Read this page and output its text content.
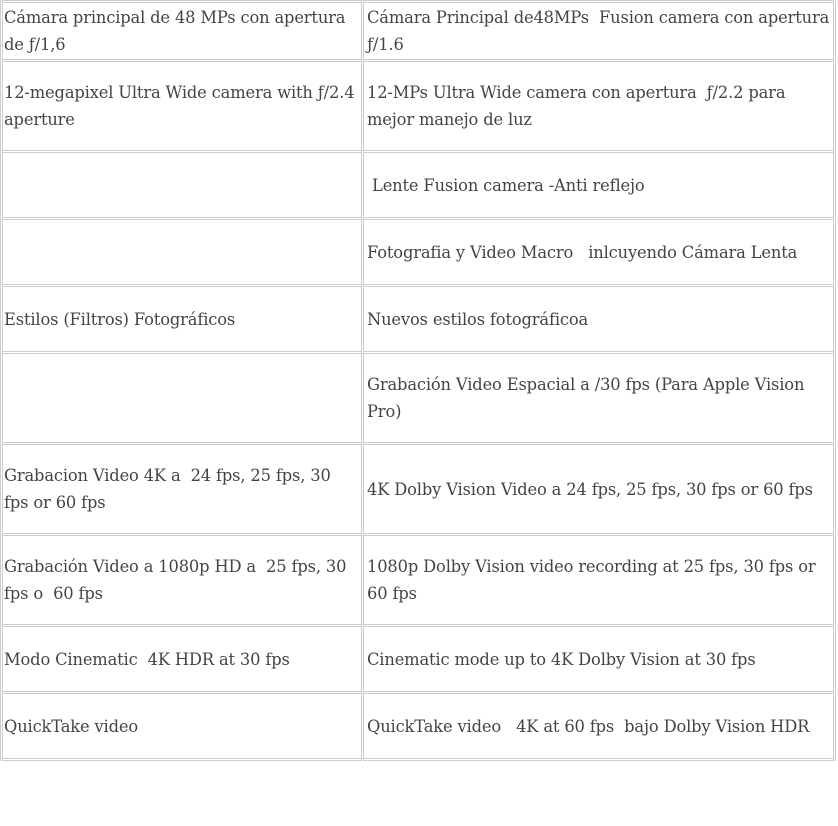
Cámara principal de 48 MPs con apertura de ƒ/1,6	Cámara Principal de48MPs  Fusion camera con apertura ƒ/1.6
12-megapixel Ultra Wide camera with ƒ/2.4 aperture	12-MPs Ultra Wide camera con apertura  ƒ/2.2 para mejor manejo de luz
	Lente Fusion camera -Anti reflejo
	Fotografia y Video Macro   inlcuyendo Cámara Lenta
Estilos (Filtros) Fotográficos	Nuevos estilos fotográficoa
	Grabación Video Espacial a /30 fps (Para Apple Vision Pro)
Grabacion Video 4K a  24 fps, 25 fps, 30 fps or 60 fps	4K Dolby Vision Video a 24 fps, 25 fps, 30 fps or 60 fps
Grabación Video a 1080p HD a  25 fps, 30 fps o  60 fps	1080p Dolby Vision video recording at 25 fps, 30 fps or 60 fps
Modo Cinematic  4K HDR at 30 fps	Cinematic mode up to 4K Dolby Vision at 30 fps
QuickTake video	QuickTake video   4K at 60 fps  bajo Dolby Vision HDR
